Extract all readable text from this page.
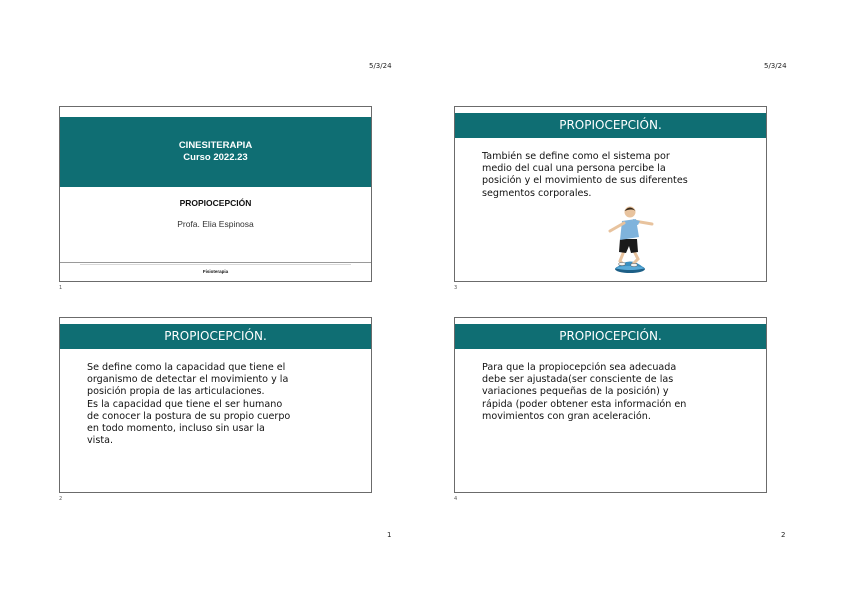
5/3/24	5/3/24
CINESITERAPIA
Curso 2022.23
PROPIOCEPCIÓN
Profa. Elia Espinosa
Fisioterapia
1
PROPIOCEPCIÓN.
Se define como la capacidad que tiene el
organismo de detectar el movimiento y la
posición propia de las articulaciones.
Es la capacidad que tiene el ser humano
de conocer la postura de su propio cuerpo
en todo momento, incluso sin usar la
vista.
2
PROPIOCEPCIÓN.
También se define como el sistema por
medio del cual una persona percibe la
posición y el movimiento de sus diferentes
segmentos corporales.
3
PROPIOCEPCIÓN.
Para que la propiocepción sea adecuada
debe ser ajustada(ser consciente de las
variaciones pequeñas de la posición) y
rápida (poder obtener esta información en
movimientos con gran aceleración.
4
1	2
